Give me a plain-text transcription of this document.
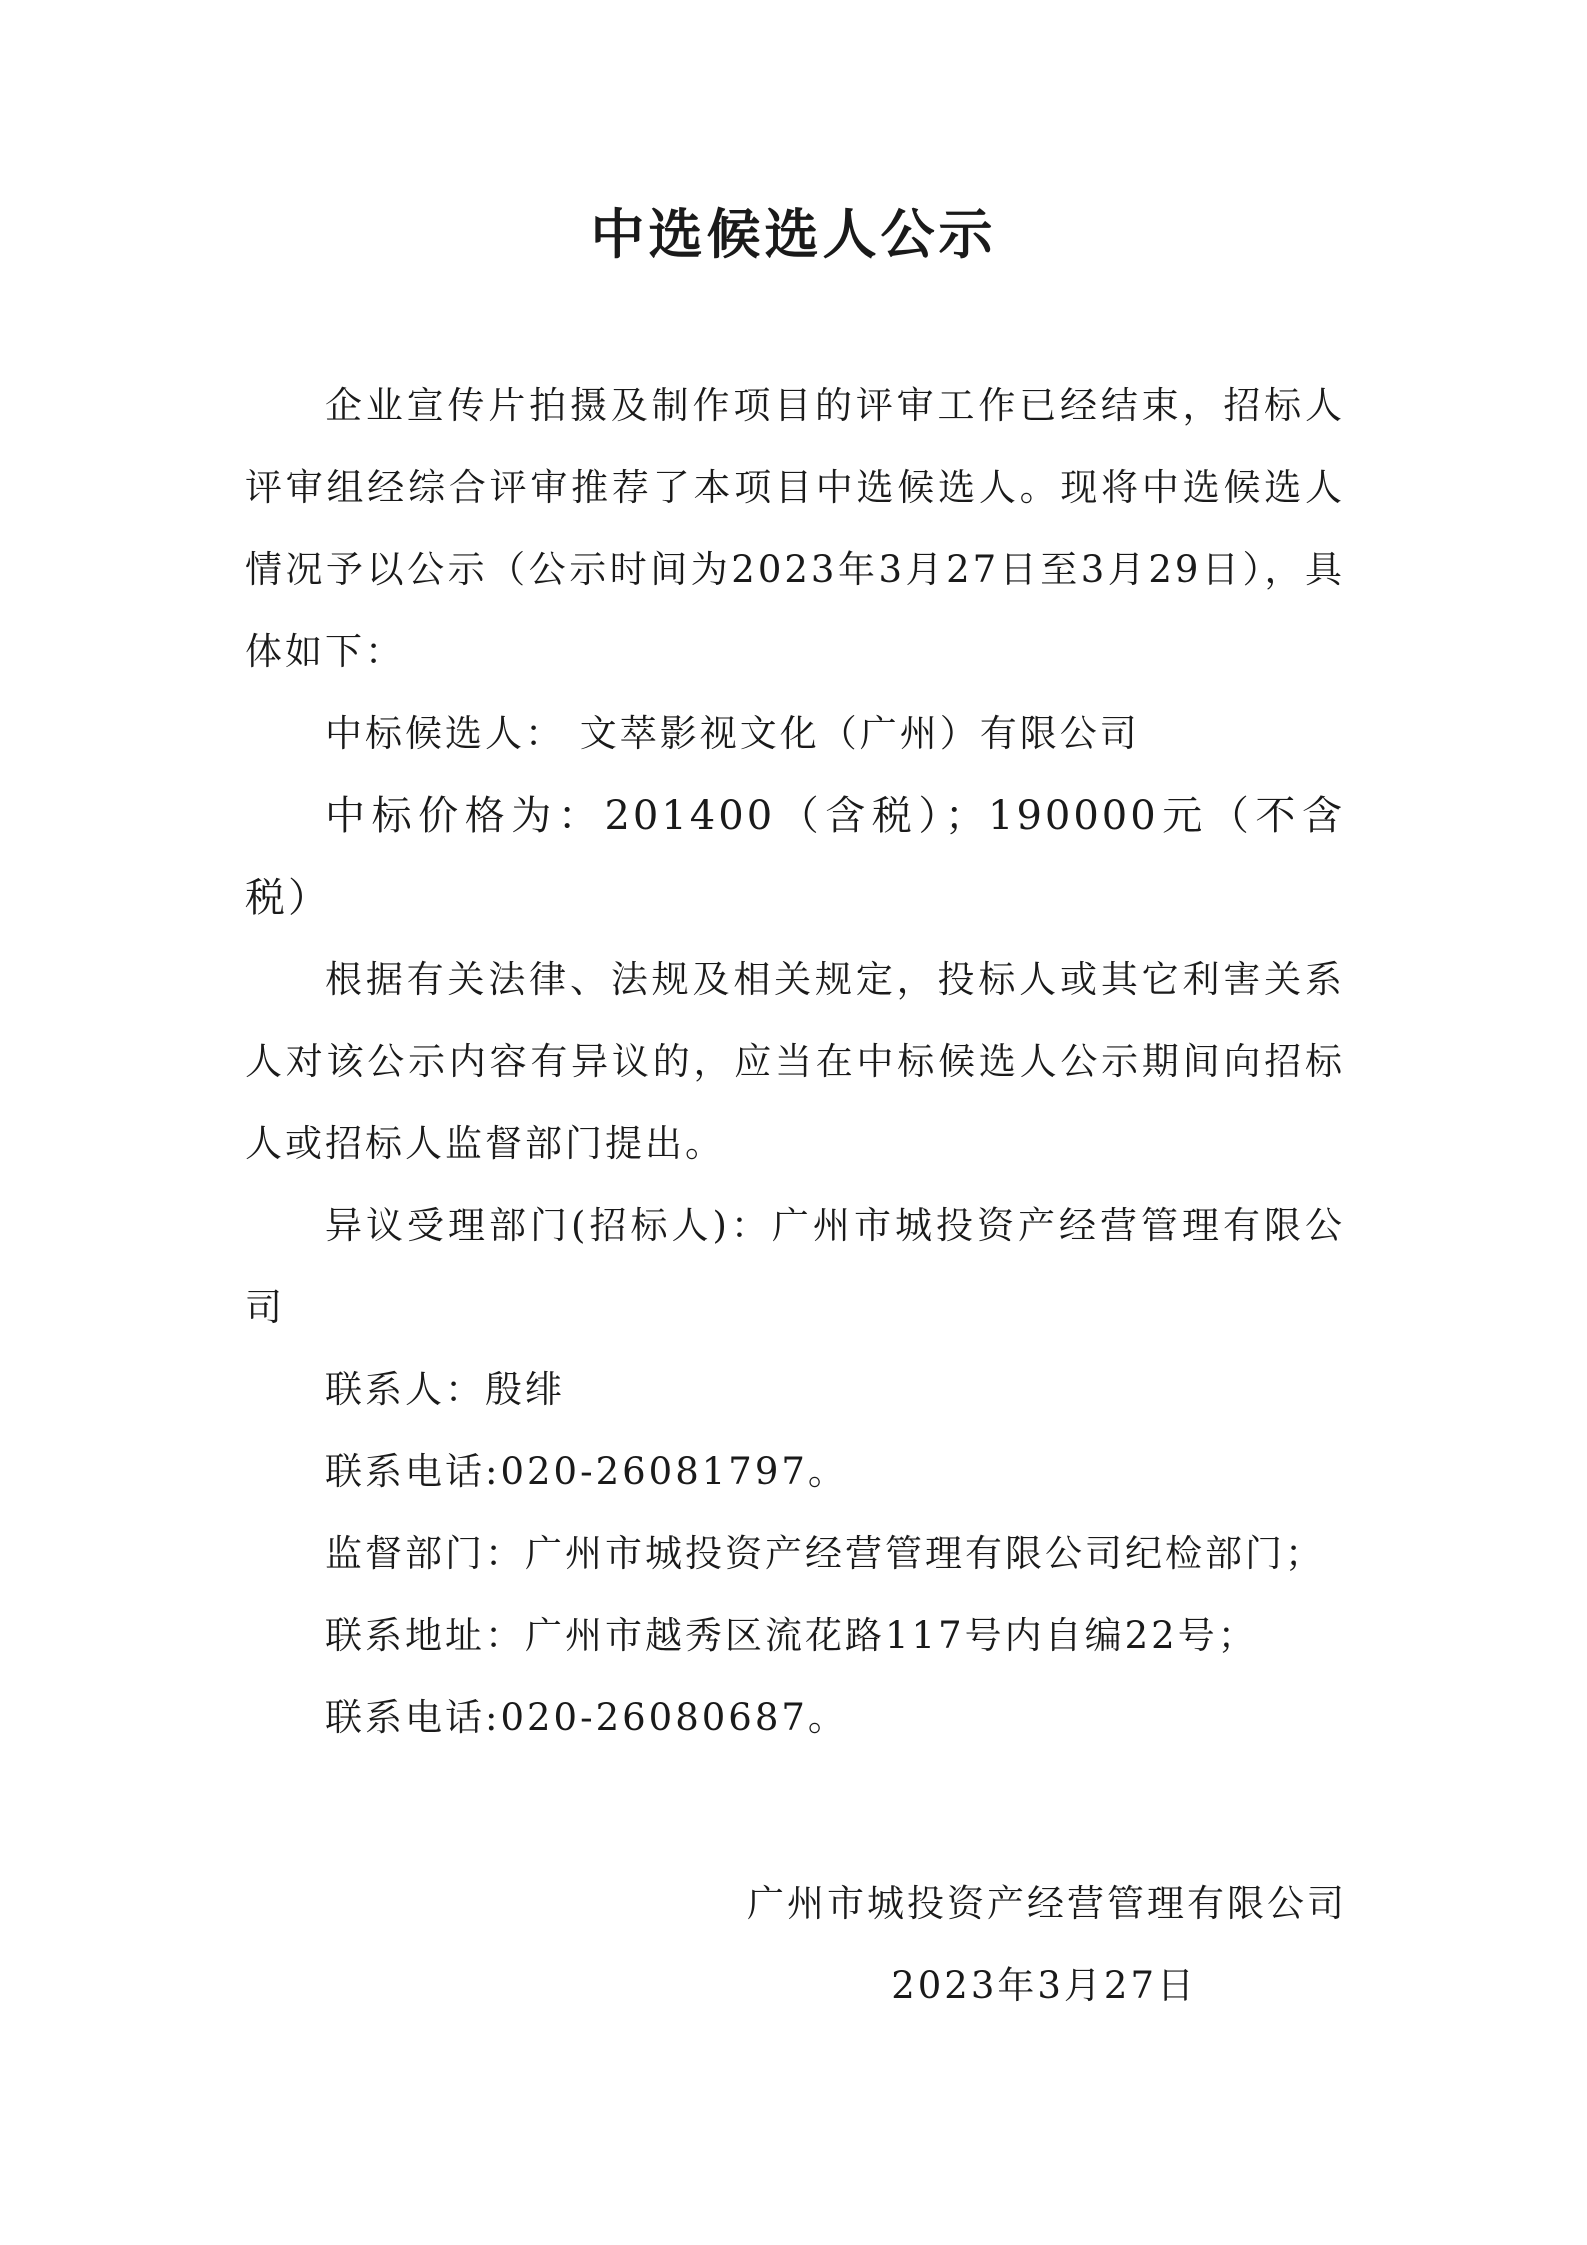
中选候选人公示

企业宣传片拍摄及制作项目的评审工作已经结束，招标人评审组经综合评审推荐了本项目中选候选人。现将中选候选人情况予以公示（公示时间为2023年3月27日至3月29日），具体如下：

中标候选人： 文萃影视文化（广州）有限公司

中标价格为：201400（含税）；190000元（不含税）

根据有关法律、法规及相关规定，投标人或其它利害关系人对该公示内容有异议的，应当在中标候选人公示期间向招标人或招标人监督部门提出。

异议受理部门(招标人)：广州市城投资产经营管理有限公司

联系人：殷绯

联系电话:020-26081797。

监督部门：广州市城投资产经营管理有限公司纪检部门；

联系地址：广州市越秀区流花路117号内自编22号；

联系电话:020-26080687。

广州市城投资产经营管理有限公司
2023年3月27日
